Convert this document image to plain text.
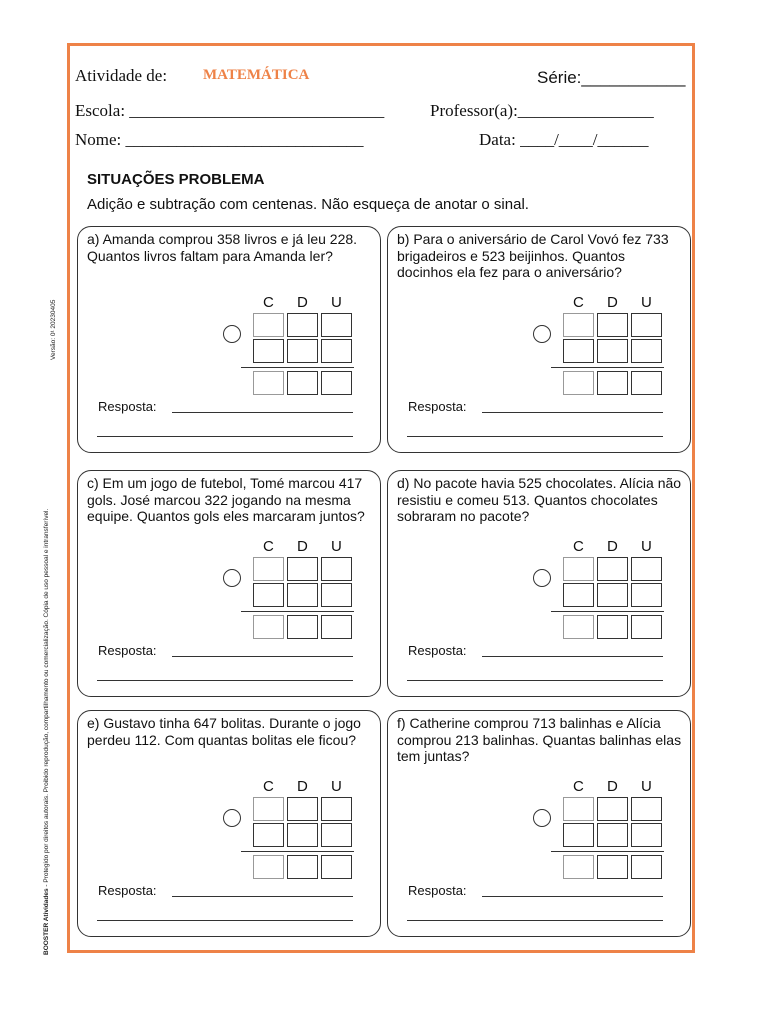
BOOSTER Atividades - Protegido por direitos autorais. Proibido reprodução, compartilhamento ou comercialização. Cópia de uso pessoal e intransferível.
Versão: 0¹ 20230405
Atividade de: MATEMÁTICA	Série:___________
Escola: ______________________________	Professor(a):________________
Nome: ____________________________	Data: ____/____/______
SITUAÇÕES PROBLEMA
Adição e subtração com centenas. Não esqueça de anotar o sinal.
a) Amanda comprou 358 livros e já leu 228. Quantos livros faltam para Amanda ler?
C D U
Resposta:
b) Para o aniversário de Carol Vovó fez 733 brigadeiros e 523 beijinhos. Quantos docinhos ela fez para o aniversário?
C D U
Resposta:
c) Em um jogo de futebol, Tomé marcou 417 gols. José marcou 322 jogando na mesma equipe. Quantos gols eles marcaram juntos?
C D U
Resposta:
d) No pacote havia 525 chocolates. Alícia não resistiu e comeu 513. Quantos chocolates sobraram no pacote?
C D U
Resposta:
e) Gustavo tinha 647 bolitas. Durante o jogo perdeu 112. Com quantas bolitas ele ficou?
C D U
Resposta:
f) Catherine comprou 713 balinhas e Alícia comprou 213 balinhas. Quantas balinhas elas tem juntas?
C D U
Resposta:
